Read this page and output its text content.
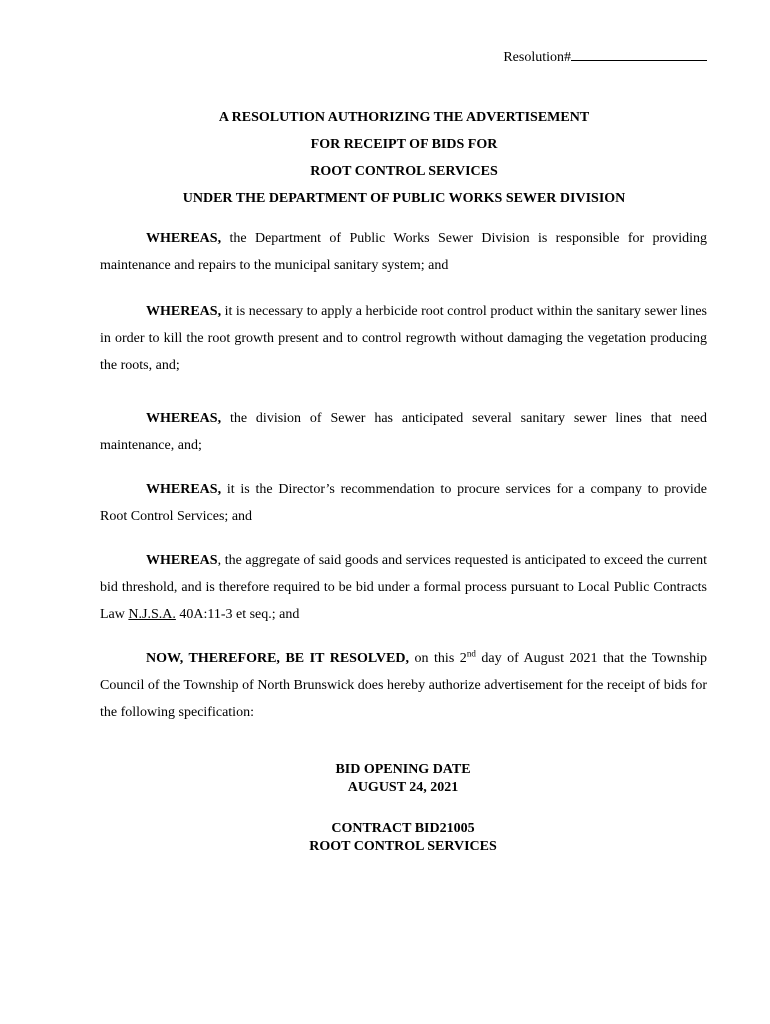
Resolution#
A RESOLUTION AUTHORIZING THE ADVERTISEMENT
FOR RECEIPT OF BIDS FOR
ROOT CONTROL SERVICES
UNDER THE DEPARTMENT OF PUBLIC WORKS SEWER DIVISION

WHEREAS, the Department of Public Works Sewer Division is responsible for providing maintenance and repairs to the municipal sanitary system; and

WHEREAS, it is necessary to apply a herbicide root control product within the sanitary sewer lines in order to kill the root growth present and to control regrowth without damaging the vegetation producing the roots, and;

WHEREAS, the division of Sewer has anticipated several sanitary sewer lines that need maintenance, and;

WHEREAS, it is the Director’s recommendation to procure services for a company to provide Root Control Services; and

WHEREAS, the aggregate of said goods and services requested is anticipated to exceed the current bid threshold, and is therefore required to be bid under a formal process pursuant to Local Public Contracts Law N.J.S.A. 40A:11-3 et seq.; and

NOW, THEREFORE, BE IT RESOLVED, on this 2nd day of August 2021 that the Township Council of the Township of North Brunswick does hereby authorize advertisement for the receipt of bids for the following specification:

BID OPENING DATE
AUGUST 24, 2021
CONTRACT BID21005
ROOT CONTROL SERVICES
